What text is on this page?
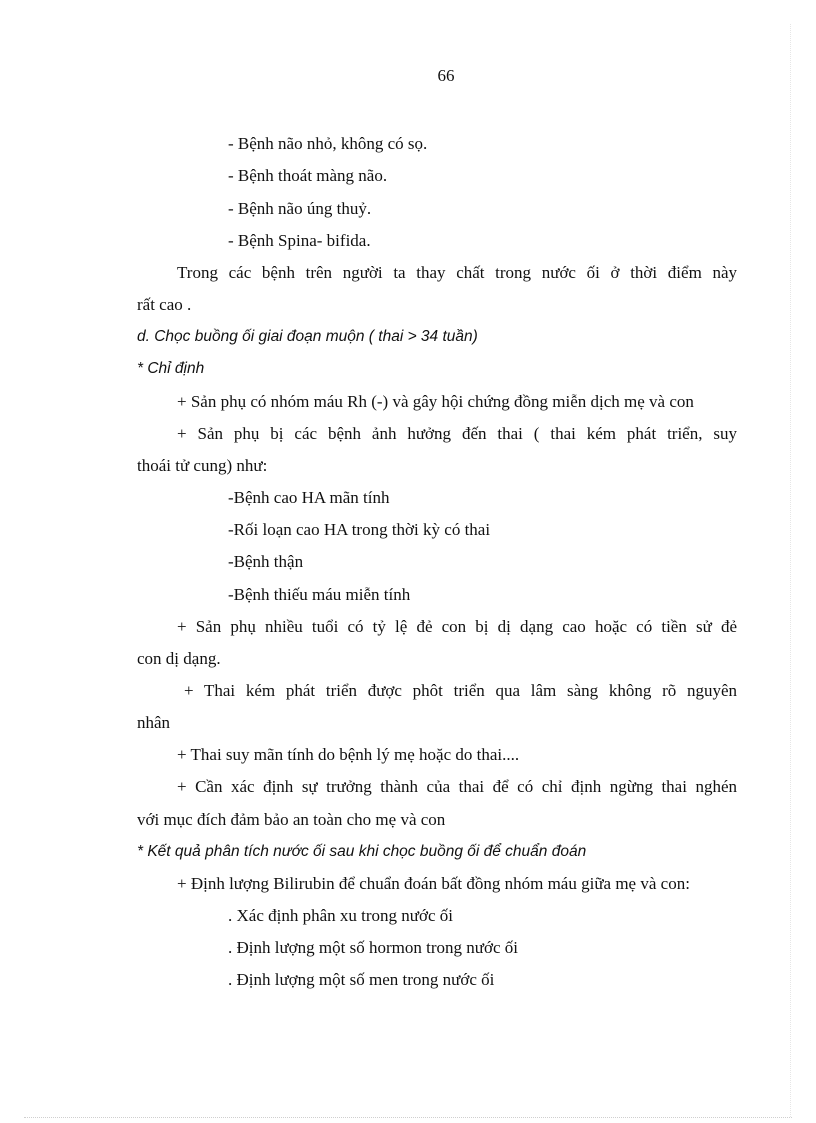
66
- Bệnh não nhỏ, không có sọ.
- Bệnh thoát màng não.
- Bệnh não úng thuỷ.
- Bệnh Spina- bifida.
Trong các bệnh trên người ta thay chất trong nước ối ở thời điểm này
rất cao .
d. Chọc buồng ối giai đoạn muộn ( thai > 34 tuần)
* Chỉ định
+ Sản phụ có nhóm máu Rh (-) và gây hội chứng đồng miễn dịch mẹ và con
+ Sản phụ bị các bệnh ảnh hưởng đến thai ( thai kém phát triển, suy
thoái tử cung) như:
-Bệnh cao HA mãn tính
-Rối loạn cao HA trong thời kỳ có thai
-Bệnh thận
-Bệnh thiếu máu miễn tính
+ Sản phụ nhiều tuổi có tỷ lệ đẻ con bị dị dạng cao hoặc có tiền sử đẻ
con dị dạng.
+ Thai kém phát triển được phôt triển qua lâm sàng không rõ nguyên
nhân
+ Thai suy mãn tính do bệnh lý mẹ hoặc do thai....
+ Cần xác định sự trưởng thành của thai để có chỉ định ngừng thai nghén
với mục đích đảm bảo an toàn cho mẹ và con
* Kết quả phân tích nước ối sau khi chọc buồng ối để chuẩn đoán
+ Định lượng Bilirubin để chuẩn đoán bất đồng nhóm máu giữa mẹ và con:
. Xác định phân xu trong nước ối
. Định lượng một số hormon trong nước ối
. Định lượng một số men trong nước ối
